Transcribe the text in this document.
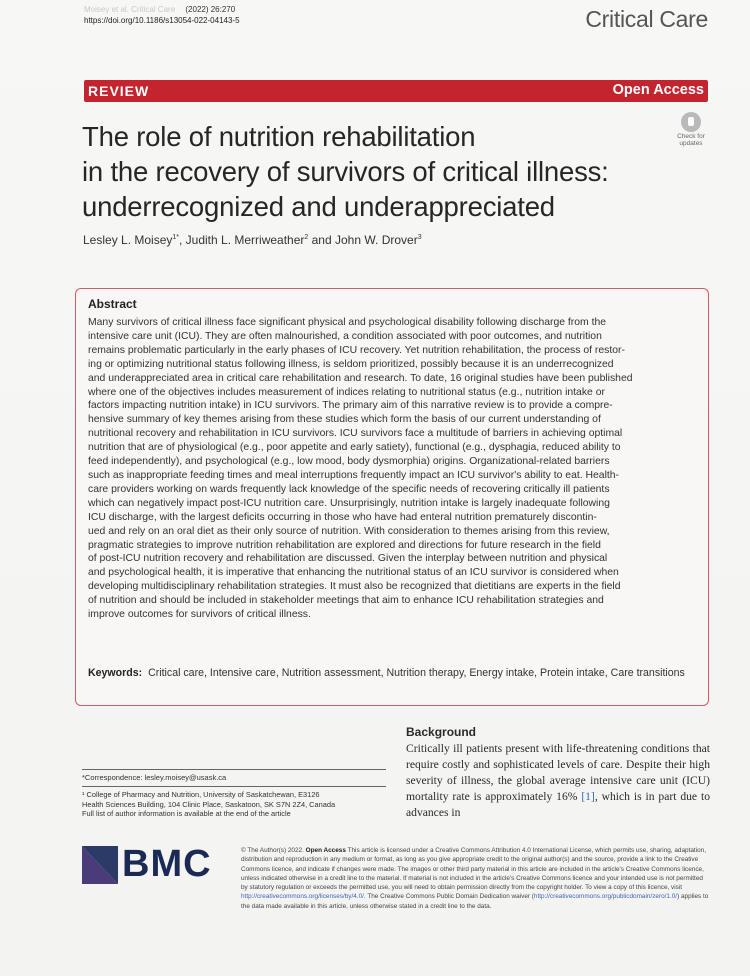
Moisey et al. Critical Care (2022) 26:270
https://doi.org/10.1186/s13054-022-04143-5	Critical Care
REVIEW	Open Access
The role of nutrition rehabilitation
in the recovery of survivors of critical illness:
underrecognized and underappreciated
Check for
updates
Lesley L. Moisey$^{1*}$, Judith L. Merriweather$^2$ and John W. Drover$^3$
Abstract
Many survivors of critical illness face significant physical and psychological disability following discharge from the
intensive care unit (ICU). They are often malnourished, a condition associated with poor outcomes, and nutrition
remains problematic particularly in the early phases of ICU recovery. Yet nutrition rehabilitation, the process of restor-
ing or optimizing nutritional status following illness, is seldom prioritized, possibly because it is an underrecognized
and underappreciated area in critical care rehabilitation and research. To date, 16 original studies have been published
where one of the objectives includes measurement of indices relating to nutritional status (e.g., nutrition intake or
factors impacting nutrition intake) in ICU survivors. The primary aim of this narrative review is to provide a compre-
hensive summary of key themes arising from these studies which form the basis of our current understanding of
nutritional recovery and rehabilitation in ICU survivors. ICU survivors face a multitude of barriers in achieving optimal
nutrition that are of physiological (e.g., poor appetite and early satiety), functional (e.g., dysphagia, reduced ability to
feed independently), and psychological (e.g., low mood, body dysmorphia) origins. Organizational-related barriers
such as inappropriate feeding times and meal interruptions frequently impact an ICU survivor's ability to eat. Health-
care providers working on wards frequently lack knowledge of the specific needs of recovering critically ill patients
which can negatively impact post-ICU nutrition care. Unsurprisingly, nutrition intake is largely inadequate following
ICU discharge, with the largest deficits occurring in those who have had enteral nutrition prematurely discontin-
ued and rely on an oral diet as their only source of nutrition. With consideration to themes arising from this review,
pragmatic strategies to improve nutrition rehabilitation are explored and directions for future research in the field
of post-ICU nutrition recovery and rehabilitation are discussed. Given the interplay between nutrition and physical
and psychological health, it is imperative that enhancing the nutritional status of an ICU survivor is considered when
developing multidisciplinary rehabilitation strategies. It must also be recognized that dietitians are experts in the field
of nutrition and should be included in stakeholder meetings that aim to enhance ICU rehabilitation strategies and
improve outcomes for survivors of critical illness.
Keywords: Critical care, Intensive care, Nutrition assessment, Nutrition therapy, Energy intake, Protein intake, Care transitions
Background
Critically ill patients present with life-threatening conditions that require costly and sophisticated levels of care. Despite their high severity of illness, the global average intensive care unit (ICU) mortality rate is approximately 16% [1], which is in part due to advances in
*Correspondence: lesley.moisey@usask.ca
¹ College of Pharmacy and Nutrition, University of Saskatchewan, E3126
Health Sciences Building, 104 Clinic Place, Saskatoon, SK S7N 2Z4, Canada
Full list of author information is available at the end of the article
BMC	© The Author(s) 2022. Open Access This article is licensed under a Creative Commons Attribution 4.0 International License, which permits use, sharing, adaptation, distribution and reproduction in any medium or format, as long as you give appropriate credit to the original author(s) and the source, provide a link to the Creative Commons licence, and indicate if changes were made. The images or other third party material in this article are included in the article's Creative Commons licence, unless indicated otherwise in a credit line to the material. If material is not included in the article's Creative Commons licence and your intended use is not permitted by statutory regulation or exceeds the permitted use, you will need to obtain permission directly from the copyright holder. To view a copy of this licence, visit http://creativecommons.org/licenses/by/4.0/. The Creative Commons Public Domain Dedication waiver (http://creativecommons.org/publicdomain/zero/1.0/) applies to the data made available in this article, unless otherwise stated in a credit line to the data.
